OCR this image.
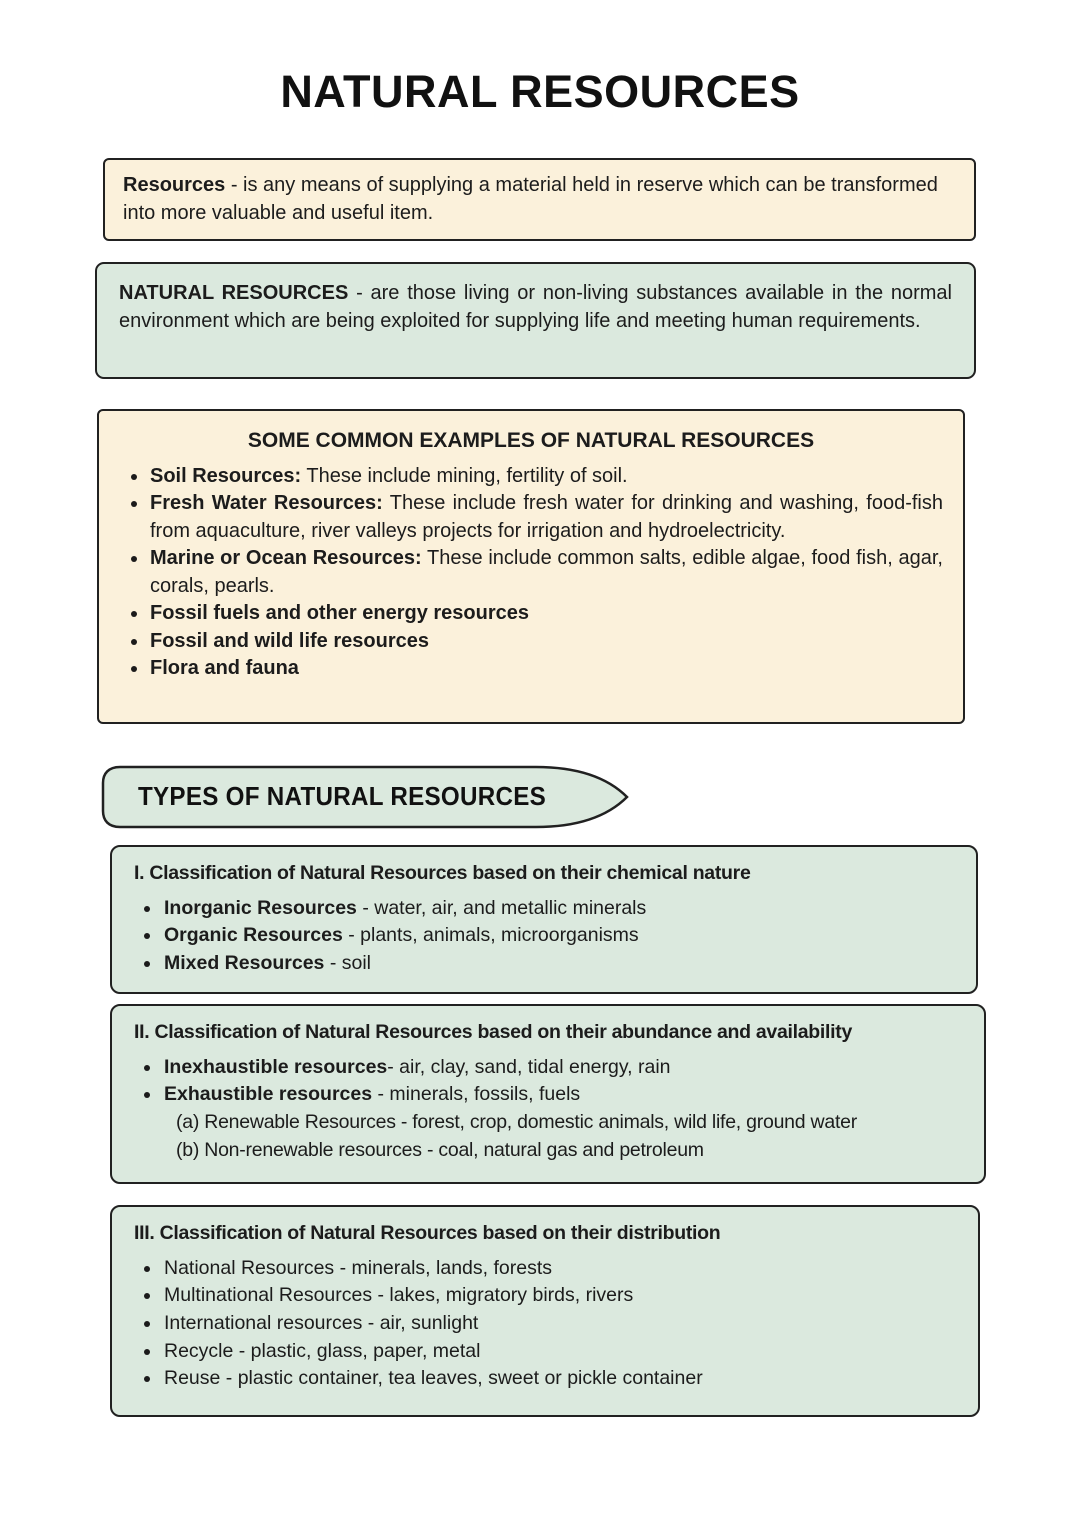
NATURAL RESOURCES

Resources - is any means of supplying a material held in reserve which can be transformed into more valuable and useful item.

NATURAL RESOURCES - are those living or non-living substances available in the normal environment which are being exploited for supplying life and meeting human requirements.

SOME COMMON EXAMPLES OF NATURAL RESOURCES

Soil Resources: These include mining, fertility of soil.

Fresh Water Resources: These include fresh water for drinking and washing, food-fish from aquaculture, river valleys projects for irrigation and hydroelectricity.

Marine or Ocean Resources: These include common salts, edible algae, food fish, agar, corals, pearls.

Fossil fuels and other energy resources

Fossil and wild life resources

Flora and fauna

TYPES OF NATURAL RESOURCES
I. Classification of Natural Resources based on their chemical nature

Inorganic Resources - water, air, and metallic minerals

Organic Resources - plants, animals, microorganisms

Mixed Resources - soil

II. Classification of Natural Resources based on their abundance and availability

Inexhaustible resources- air, clay, sand, tidal energy, rain

Exhaustible resources - minerals, fossils, fuels

(a) Renewable Resources - forest, crop, domestic animals, wild life, ground water

(b) Non-renewable resources - coal, natural gas and petroleum

III. Classification of Natural Resources based on their distribution

National Resources - minerals, lands, forests

Multinational Resources - lakes, migratory birds, rivers

International resources - air, sunlight

Recycle - plastic, glass, paper, metal

Reuse - plastic container, tea leaves, sweet or pickle container
